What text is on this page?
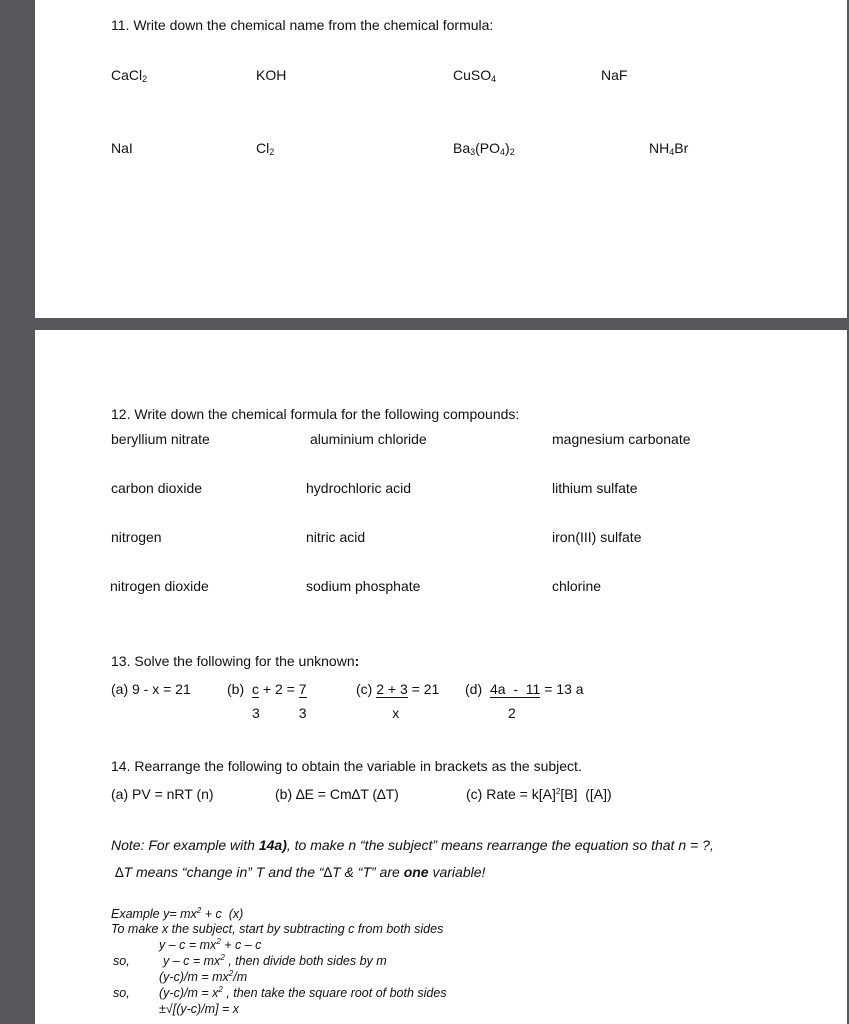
11. Write down the chemical name from the chemical formula:
CaCl$_2$	KOH	CuSO$_4$	NaF
NaI	$Cl_2$	$Ba_3(PO_4)_2$	$NH_4Br$
12. Write down the chemical formula for the following compounds:
beryllium nitrate	aluminium chloride	magnesium carbonate
carbon dioxide	hydrochloric acid	lithium sulfate
nitrogen	nitric acid	iron(III) sulfate
nitrogen dioxide	sodium phosphate	chlorine
13. Solve the following for the unknown:
(a) 9 - x = 21	$(b) \frac{c}{3} + 2 = \frac{7}{3}$	$(c) \frac{2 + 3}{x} = 21$ $(d) \frac{4a - 11}{2} = 13$ a
14. Rearrange the following to obtain the variable in brackets as the subject.
(a) PV = nRT (n)	(b) ∆E = Cm∆T (∆T)	(c) Rate = $k[A]^2[B]$  ([A])
Note: For example with 14a), to make n “the subject” means rearrange the equation so that n = ?,
∆T means “change in” T and the “∆T & “T” are one variable!
Example $y= mx^2 + c$  (x)
To make x the subject, start by subtracting c from both sides
$y - c = mx^2 + c - c$
so,	$y - c = mx^2$ , then divide both sides by m
$(y-c)/m = mx^2/m$
so, $(y-c)/m = x^2$ , then take the square root of both sides
±√[(y-c)/m] = x
